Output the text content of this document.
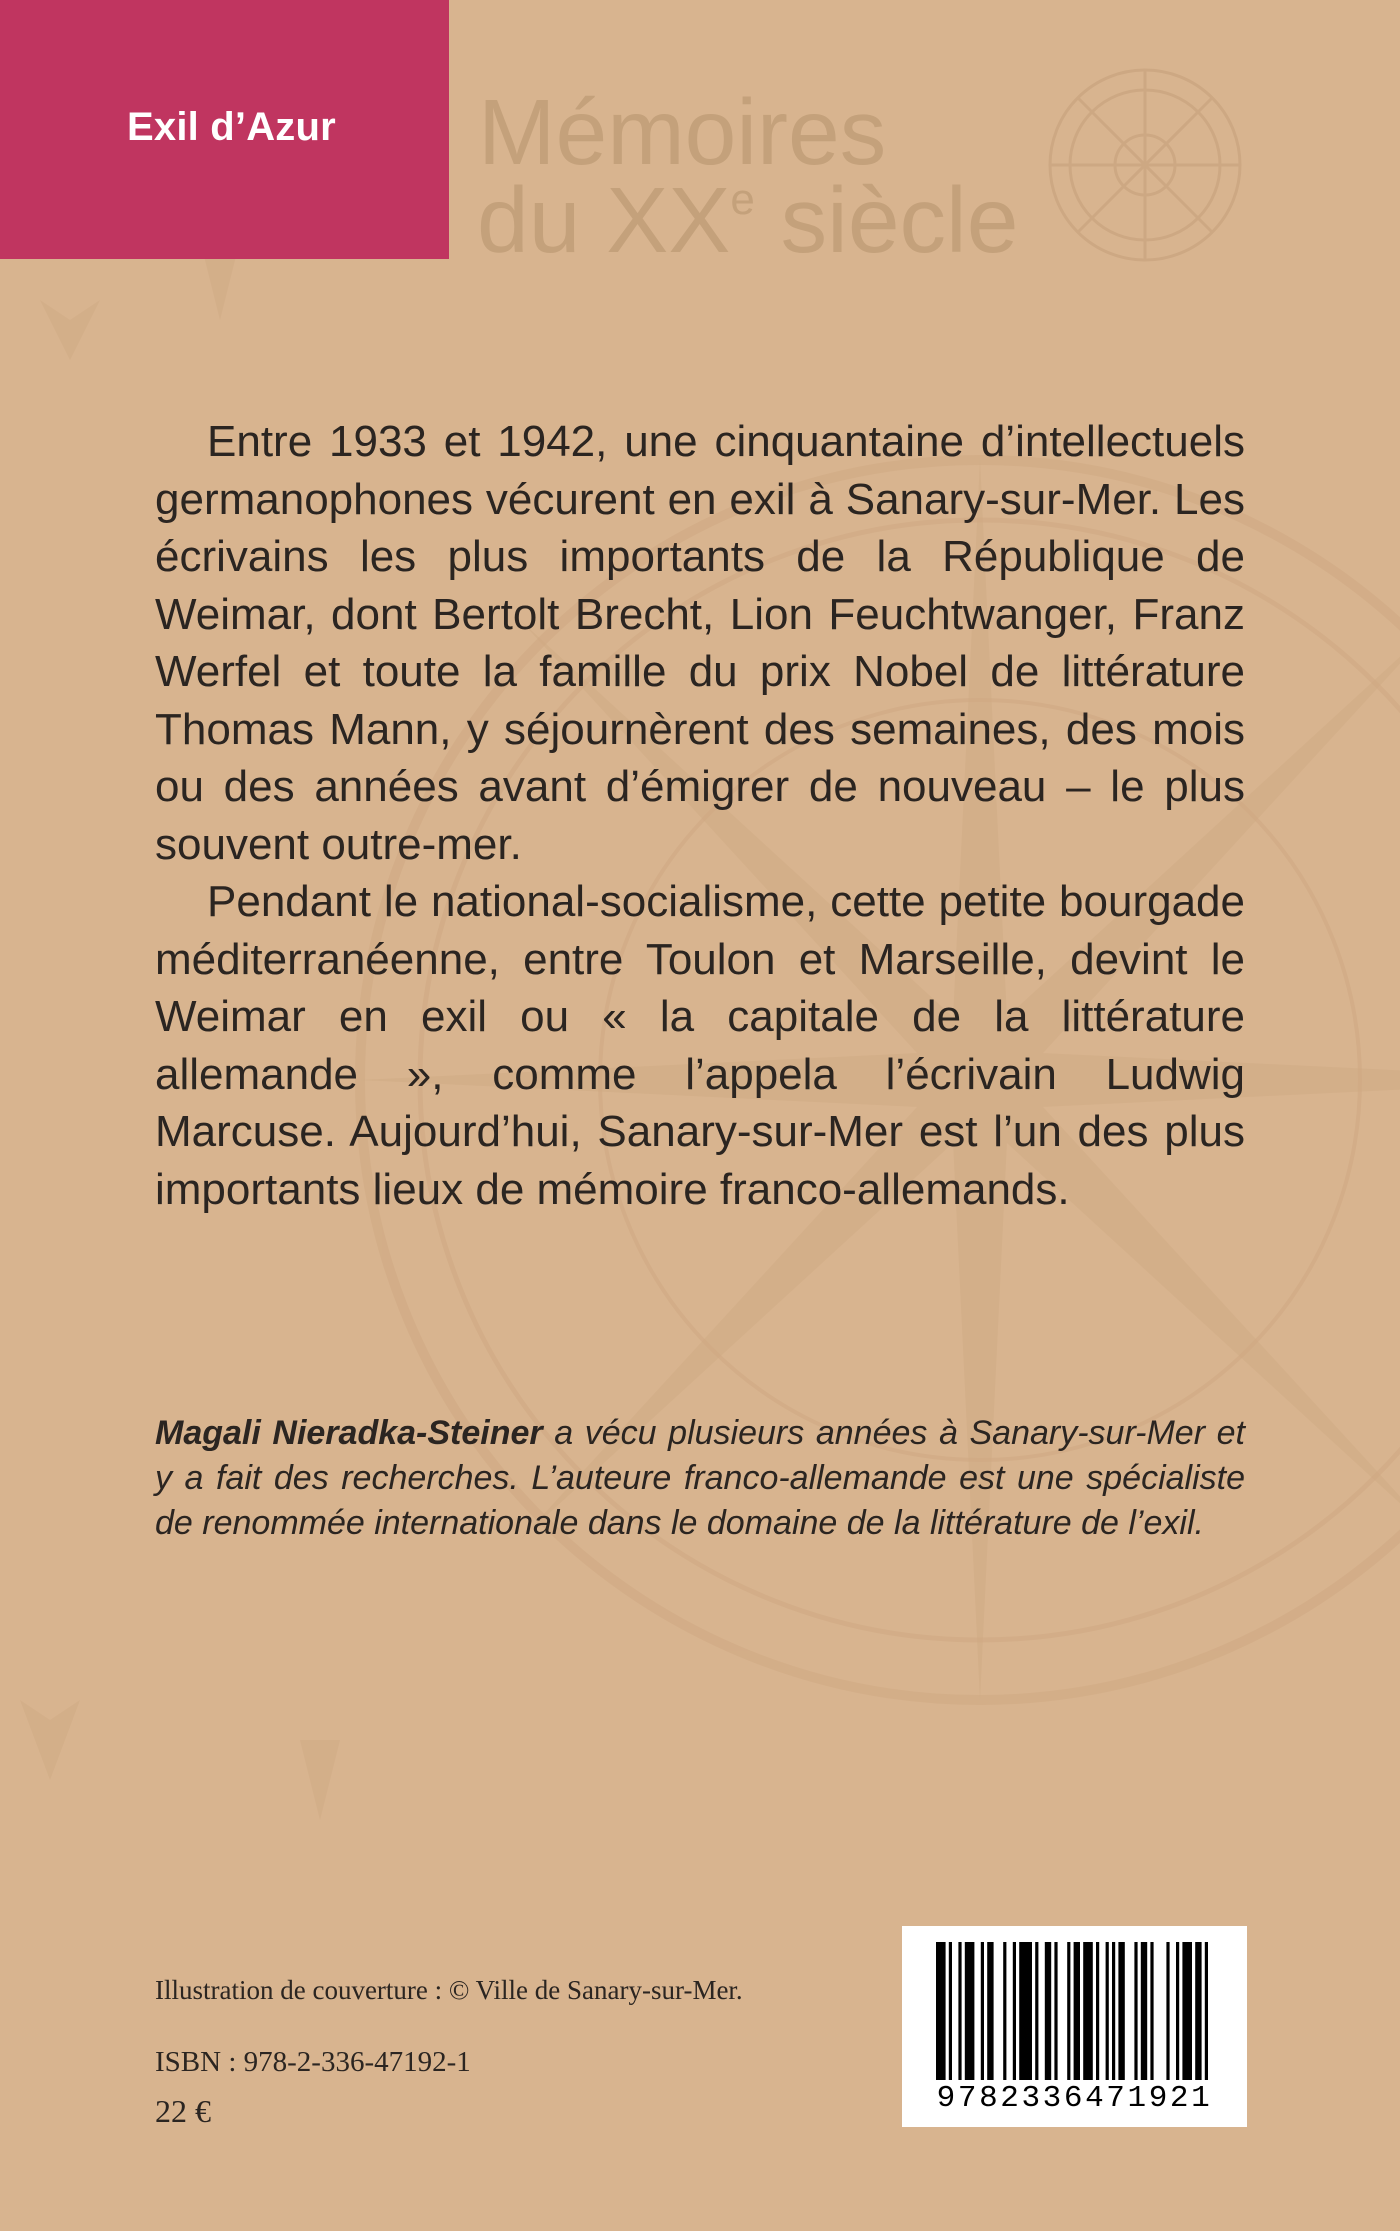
Exil d’Azur Mémoires
du XXe siècle

Entre 1933 et 1942, une cinquantaine d’intellectuels germanophones vécurent en exil à Sanary-sur-Mer. Les écrivains les plus importants de la République de Weimar, dont Bertolt Brecht, Lion Feuchtwanger, Franz Werfel et toute la famille du prix Nobel de littérature Thomas Mann, y séjournèrent des semaines, des mois ou des années avant d’émigrer de nouveau – le plus souvent outre-mer.

Pendant le national-socialisme, cette petite bourgade méditerranéenne, entre Toulon et Marseille, devint le Weimar en exil ou « la capitale de la littérature allemande », comme l’appela l’écrivain Ludwig Marcuse. Aujourd’hui, Sanary-sur-Mer est l’un des plus importants lieux de mémoire franco-allemands.

Magali Nieradka-Steiner a vécu plusieurs années à Sanary-sur-Mer et y a fait des recherches. L’auteure franco-allemande est une spécialiste de renommée internationale dans le domaine de la littérature de l’exil.
Illustration de couverture : © Ville de Sanary-sur-Mer.
ISBN : 978-2-336-47192-1
22 €	9782336471921
